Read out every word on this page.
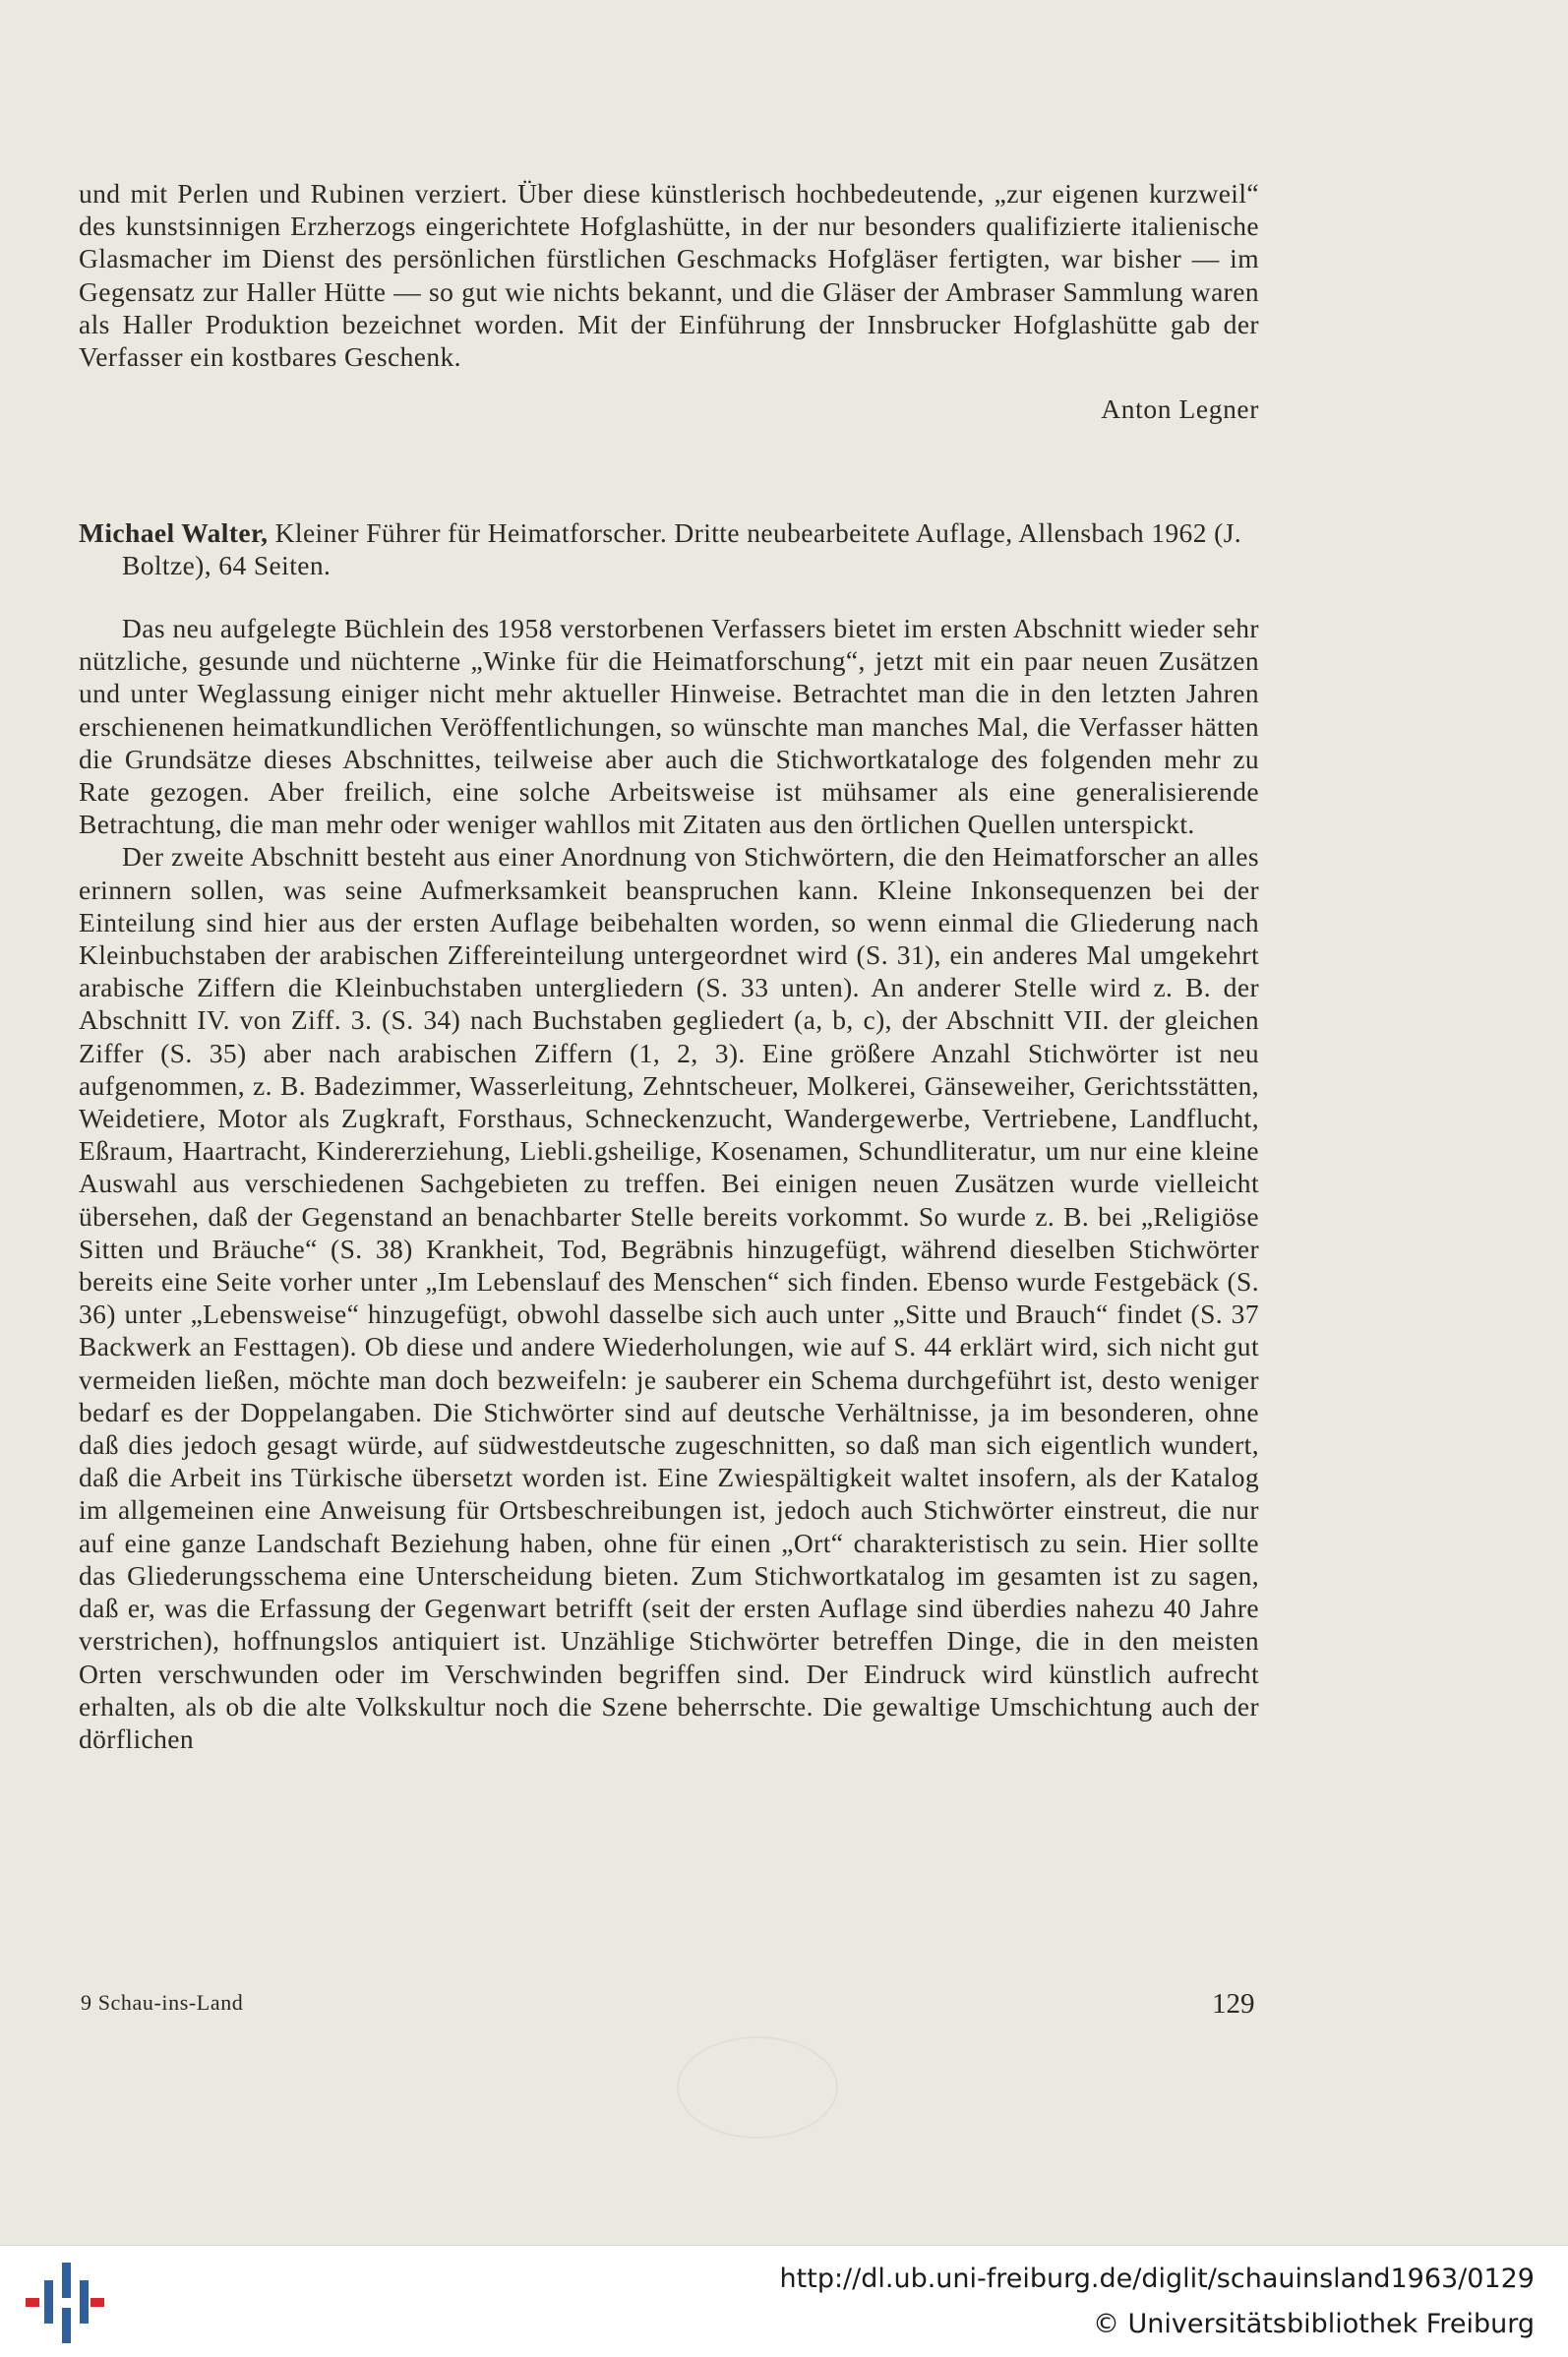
und mit Perlen und Rubinen verziert. Über diese künstlerisch hochbedeutende, „zur eigenen kurzweil“ des kunstsinnigen Erzherzogs eingerichtete Hofglashütte, in der nur besonders qualifizierte italienische Glasmacher im Dienst des persönlichen fürstlichen Geschmacks Hofgläser fertigten, war bisher — im Gegensatz zur Haller Hütte — so gut wie nichts bekannt, und die Gläser der Ambraser Sammlung waren als Haller Produktion bezeichnet worden. Mit der Einführung der Innsbrucker Hofglashütte gab der Verfasser ein kostbares Geschenk.

Anton Legner

Michael Walter, Kleiner Führer für Heimatforscher. Dritte neubearbeitete Auflage, Allensbach 1962 (J. Boltze), 64 Seiten.

Das neu aufgelegte Büchlein des 1958 verstorbenen Verfassers bietet im ersten Abschnitt wieder sehr nützliche, gesunde und nüchterne „Winke für die Heimatforschung“, jetzt mit ein paar neuen Zusätzen und unter Weglassung einiger nicht mehr aktueller Hinweise. Betrachtet man die in den letzten Jahren erschienenen heimatkundlichen Veröffentlichungen, so wünschte man manches Mal, die Verfasser hätten die Grundsätze dieses Abschnittes, teilweise aber auch die Stichwortkataloge des folgenden mehr zu Rate gezogen. Aber freilich, eine solche Arbeitsweise ist mühsamer als eine generalisierende Betrachtung, die man mehr oder weniger wahllos mit Zitaten aus den örtlichen Quellen unterspickt.

Der zweite Abschnitt besteht aus einer Anordnung von Stichwörtern, die den Heimatforscher an alles erinnern sollen, was seine Aufmerksamkeit beanspruchen kann. Kleine Inkonsequenzen bei der Einteilung sind hier aus der ersten Auflage beibehalten worden, so wenn einmal die Gliederung nach Kleinbuchstaben der arabischen Ziffereinteilung untergeordnet wird (S. 31), ein anderes Mal umgekehrt arabische Ziffern die Kleinbuchstaben untergliedern (S. 33 unten). An anderer Stelle wird z. B. der Abschnitt IV. von Ziff. 3. (S. 34) nach Buchstaben gegliedert (a, b, c), der Abschnitt VII. der gleichen Ziffer (S. 35) aber nach arabischen Ziffern (1, 2, 3). Eine größere Anzahl Stichwörter ist neu aufgenommen, z. B. Badezimmer, Wasserleitung, Zehntscheuer, Molkerei, Gänseweiher, Gerichtsstätten, Weidetiere, Motor als Zugkraft, Forsthaus, Schneckenzucht, Wandergewerbe, Vertriebene, Landflucht, Eßraum, Haartracht, Kindererziehung, Liebli.gsheilige, Kosenamen, Schundliteratur, um nur eine kleine Auswahl aus verschiedenen Sachgebieten zu treffen. Bei einigen neuen Zusätzen wurde vielleicht übersehen, daß der Gegenstand an benachbarter Stelle bereits vorkommt. So wurde z. B. bei „Religiöse Sitten und Bräuche“ (S. 38) Krankheit, Tod, Begräbnis hinzugefügt, während dieselben Stichwörter bereits eine Seite vorher unter „Im Lebenslauf des Menschen“ sich finden. Ebenso wurde Festgebäck (S. 36) unter „Lebensweise“ hinzugefügt, obwohl dasselbe sich auch unter „Sitte und Brauch“ findet (S. 37 Backwerk an Festtagen). Ob diese und andere Wiederholungen, wie auf S. 44 erklärt wird, sich nicht gut vermeiden ließen, möchte man doch bezweifeln: je sauberer ein Schema durchgeführt ist, desto weniger bedarf es der Doppelangaben. Die Stichwörter sind auf deutsche Verhältnisse, ja im besonderen, ohne daß dies jedoch gesagt würde, auf südwestdeutsche zugeschnitten, so daß man sich eigentlich wundert, daß die Arbeit ins Türkische übersetzt worden ist. Eine Zwiespältigkeit waltet insofern, als der Katalog im allgemeinen eine Anweisung für Ortsbeschreibungen ist, jedoch auch Stichwörter einstreut, die nur auf eine ganze Landschaft Beziehung haben, ohne für einen „Ort“ charakteristisch zu sein. Hier sollte das Gliederungsschema eine Unterscheidung bieten. Zum Stichwortkatalog im gesamten ist zu sagen, daß er, was die Erfassung der Gegenwart betrifft (seit der ersten Auflage sind überdies nahezu 40 Jahre verstrichen), hoffnungslos antiquiert ist. Unzählige Stichwörter betreffen Dinge, die in den meisten Orten verschwunden oder im Verschwinden begriffen sind. Der Eindruck wird künstlich aufrecht erhalten, als ob die alte Volkskultur noch die Szene beherrschte. Die gewaltige Umschichtung auch der dörflichen

9 Schau-ins-Land	129
http://dl.ub.uni-freiburg.de/diglit/schauinsland1963/0129
© Universitätsbibliothek Freiburg
